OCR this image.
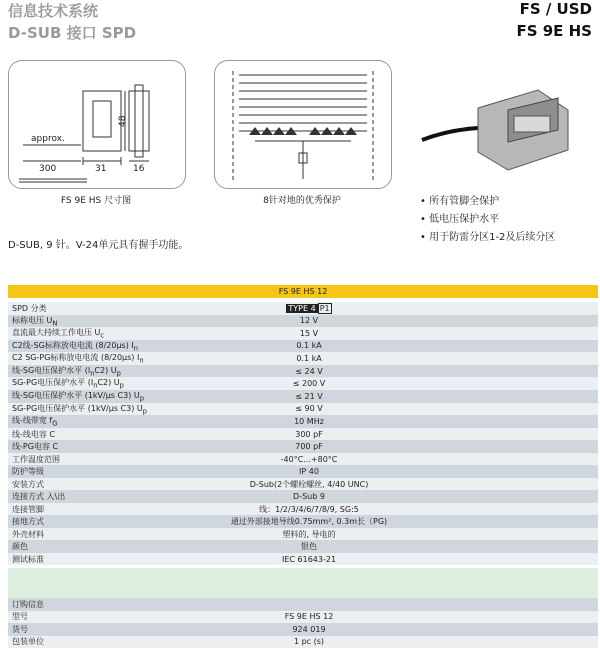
信息技术系统	FS / USD
D-SUB 接口 SPD	FS 9E HS
approx.
300	31
48
16
FS 9E HS 尺寸图	8针对地的优秀保护	• 所有管脚全保护
• 低电压保护水平
• 用于防雷分区1-2及后续分区
D-SUB, 9 针。V-24单元具有握手功能。
FS 9E HS 12
SPD 分类	TYPE 4 P1
标称电压 $U_N$	12 V
直流最大持续工作电压 $U_c$	15 V
C2线-SG标称放电电流 (8/20μs) $I_n$	0.1 kA
C2 SG-PG标称放电电流 (8/20μs) $I_n$	0.1 kA
线-SG电压保护水平 $(I_nC2)$ $U_p$	≤ 24 V
SG-PG电压保护水平 $(I_nC2)$ $U_p$	≤ 200 V
线-SG电压保护水平 (1kV/μs C3) $U_p$	≤ 21 V
SG-PG电压保护水平 (1kV/μs C3) $U_p$	≤ 90 V
线-线带宽 $f_G$	10 MHz
线-线电容 C	300 pF
线-PG电容 C	700 pF
工作温度范围	-40°C...+80°C
防护等级	IP 40
安装方式	D-Sub(2个螺栓螺丝, 4/40 UNC)
连接方式 入\出	D-Sub 9
连接管脚	线：1/2/3/4/6/7/8/9, SG:5
接地方式	通过外部接地导线0.75mm², 0.3m长（PG)
外壳材料	塑料的, 导电的
颜色	银色
测试标准	IEC 61643-21
订购信息	
型号	FS 9E HS 12
货号	924 019
包装单位	1 pc (s)
